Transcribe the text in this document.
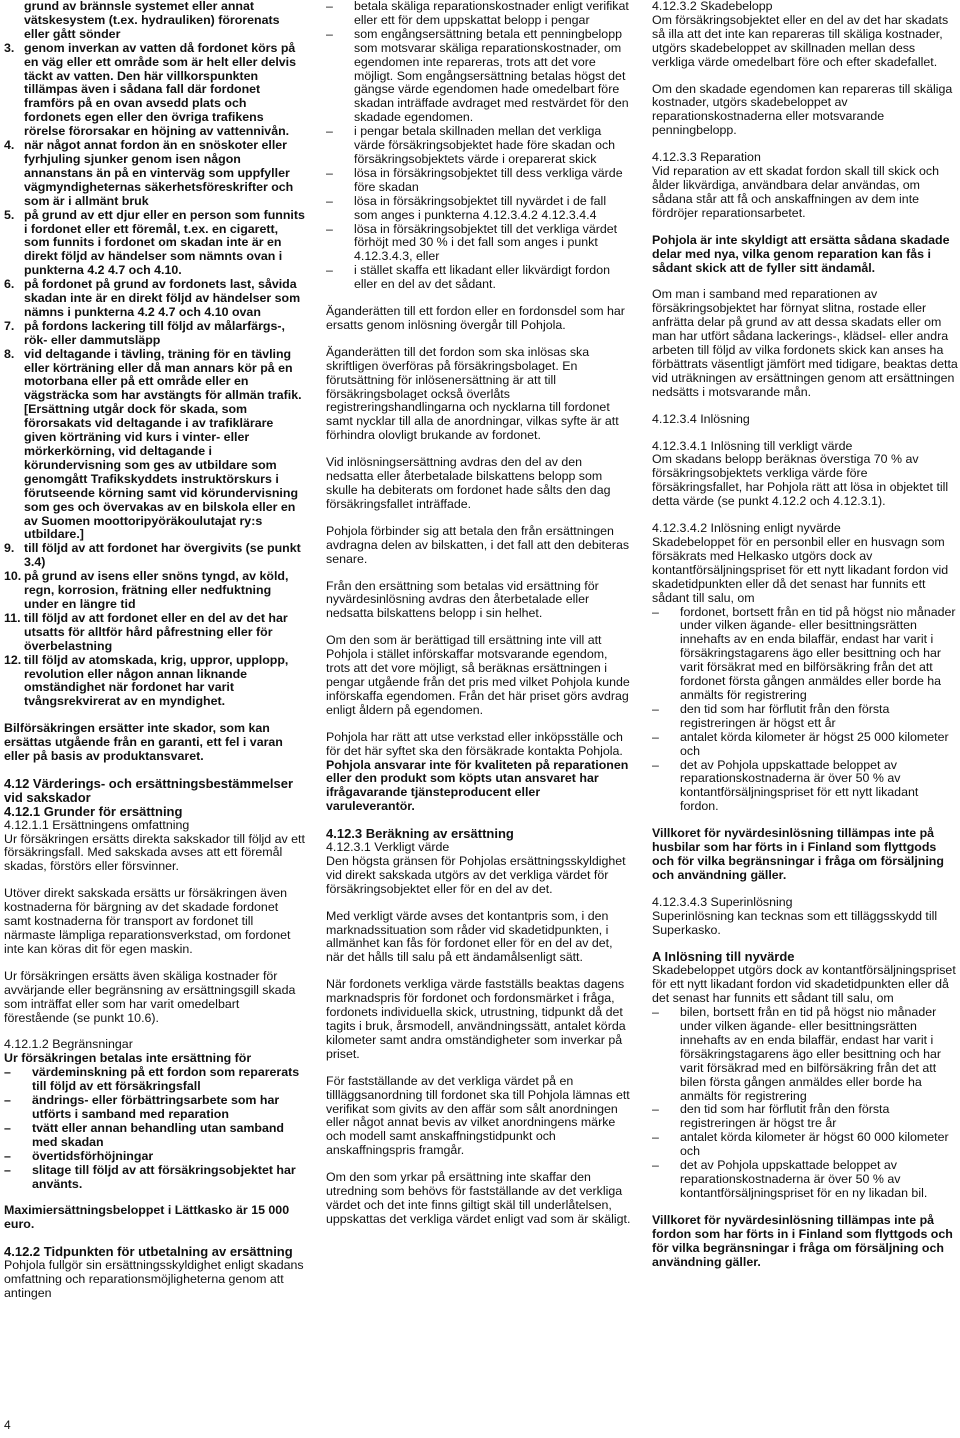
grund av brännsle systemet eller annat vätskesystem (t.ex. hydrauliken) förorenats eller gått sönder
3. genom inverkan av vatten då fordonet körs på en väg eller ett område som är helt eller delvis täckt av vatten. Den här villkorspunkten tillämpas även i sådana fall där fordonet framförs på en ovan avsedd plats och fordonets egen eller den övriga trafikens rörelse förorsakar en höjning av vattennivån.
4. när något annat fordon än en snöskoter eller fyrhjuling sjunker genom isen någon annanstans än på en vinterväg som uppfyller vägmyndigheternas säkerhetsföreskrifter och som är i allmänt bruk
5. på grund av ett djur eller en person som funnits i fordonet eller ett föremål, t.ex. en cigarett, som funnits i fordonet om skadan inte är en direkt följd av händelser som nämnts ovan i punkterna 4.2 4.7 och 4.10.
6. på fordonet på grund av fordonets last, såvida skadan inte är en direkt följd av händelser som nämns i punkterna 4.2 4.7 och 4.10 ovan
7. på fordons lackering till följd av målarfärgs-, rök- eller dammutsläpp
8. vid deltagande i tävling, träning för en tävling eller körträning eller då man annars kör på en motorbana eller på ett område eller en vägsträcka som har avstängts för allmän trafik. [Ersättning utgår dock för skada, som förorsakats vid deltagande i av trafiklärare given körträning vid kurs i vinter- eller mörkerkörning, vid deltagande i körundervisning som ges av utbildare som genomgått Trafikskyddets instruktörskurs i förutseende körning samt vid körundervisning som ges och övervakas av en bilskola eller en av Suomen moottoripyöräkoulutajat ry:s utbildare.]
9. till följd av att fordonet har övergivits (se punkt 3.4)
10. på grund av isens eller snöns tyngd, av köld, regn, korrosion, frätning eller nedfuktning under en längre tid
11. till följd av att fordonet eller en del av det har utsatts för alltför hård påfrestning eller för överbelastning
12. till följd av atomskada, krig, uppror, upplopp, revolution eller någon annan liknande omständighet när fordonet har varit tvångsrekvirerat av en myndighet.

Bilförsäkringen ersätter inte skador, som kan ersättas utgående från en garanti, ett fel i varan eller på basis av produktansvaret.

4.12 Värderings- och ersättningsbestämmelser vid sakskador

4.12.1 Grunder för ersättning

4.12.1.1 Ersättningens omfattning

Ur försäkringen ersätts direkta sakskador till följd av ett försäkringsfall. Med sakskada avses att ett föremål skadas, förstörs eller försvinner.

Utöver direkt sakskada ersätts ur försäkringen även kostnaderna för bärgning av det skadade fordonet samt kostnaderna för transport av fordonet till närmaste lämpliga reparationsverkstad, om fordonet inte kan köras dit för egen maskin.

Ur försäkringen ersätts även skäliga kostnader för avvärjande eller begränsning av ersättningsgill skada som inträffat eller som har varit omedelbart förestående (se punkt 10.6).

4.12.1.2 Begränsningar

Ur försäkringen betalas inte ersättning för

–	värdeminskning på ett fordon som reparerats till följd av ett försäkringsfall
–	ändrings- eller förbättringsarbete som har utförts i samband med reparation
–	tvätt eller annan behandling utan samband med skadan
–	övertidsförhöjningar
–	slitage till följd av att försäkringsobjektet har använts.

Maximiersättningsbeloppet i Lättkasko är 15 000 euro.

4.12.2 Tidpunkten för utbetalning av ersättning

Pohjola fullgör sin ersättningsskyldighet enligt skadans omfattning och reparationsmöjligheterna genom att antingen

–	betala skäliga reparationskostnader enligt verifikat eller ett för dem uppskattat belopp i pengar
–	som engångsersättning betala ett penningbelopp som motsvarar skäliga reparationskostnader, om egendomen inte repareras, trots att det vore möjligt. Som engångsersättning betalas högst det gängse värde egendomen hade omedelbart före skadan inträffade avdraget med restvärdet för den skadade egendomen.
–	i pengar betala skillnaden mellan det verkliga värde försäkringsobjektet hade före skadan och försäkringsobjektets värde i oreparerat skick
–	lösa in försäkringsobjektet till dess verkliga värde före skadan
–	lösa in försäkringsobjektet till nyvärdet i de fall som anges i punkterna 4.12.3.4.2 4.12.3.4.4
–	lösa in försäkringsobjektet till det verkliga värdet förhöjt med 30 % i det fall som anges i punkt 4.12.3.4.3, eller
–	i stället skaffa ett likadant eller likvärdigt fordon eller en del av det sådant.

Äganderätten till ett fordon eller en fordonsdel som har ersatts genom inlösning övergår till Pohjola.

Äganderätten till det fordon som ska inlösas ska skriftligen överföras på försäkringsbolaget. En förutsättning för inlösenersättning är att till försäkringsbolaget också överlåts registreringshandlingarna och nycklarna till fordonet samt nycklar till alla de anordningar, vilkas syfte är att förhindra olovligt brukande av fordonet.

Vid inlösningsersättning avdras den del av den nedsatta eller återbetalade bilskattens belopp som skulle ha debiterats om fordonet hade sålts den dag försäkringsfallet inträffade.

Pohjola förbinder sig att betala den från ersättningen avdragna delen av bilskatten, i det fall att den debiteras senare.

Från den ersättning som betalas vid ersättning för nyvärdesinlösning avdras den återbetalade eller nedsatta bilskattens belopp i sin helhet.

Om den som är berättigad till ersättning inte vill att Pohjola i stället införskaffar motsvarande egendom, trots att det vore möjligt, så beräknas ersättningen i pengar utgående från det pris med vilket Pohjola kunde införskaffa egendomen. Från det här priset görs avdrag enligt åldern på egendomen.

Pohjola har rätt att utse verkstad eller inköpsställe och för det här syftet ska den försäkrade kontakta Pohjola. Pohjola ansvarar inte för kvaliteten på reparationen eller den produkt som köpts utan ansvaret har ifrågavarande tjänsteproducent eller varuleverantör.

4.12.3 Beräkning av ersättning

4.12.3.1 Verkligt värde

Den högsta gränsen för Pohjolas ersättningsskyldighet vid direkt sakskada utgörs av det verkliga värdet för försäkringsobjektet eller för en del av det.

Med verkligt värde avses det kontantpris som, i den marknadssituation som råder vid skadetidpunkten, i allmänhet kan fås för fordonet eller för en del av det, när det hålls till salu på ett ändamålsenligt sätt.

När fordonets verkliga värde fastställs beaktas dagens marknadspris för fordonet och fordonsmärket i fråga, fordonets individuella skick, utrustning, tidpunkt då det tagits i bruk, årsmodell, användningssätt, antalet körda kilometer samt andra omständigheter som inverkar på priset.

För fastställande av det verkliga värdet på en tillläggsanordning till fordonet ska till Pohjola lämnas ett verifikat som givits av den affär som sålt anordningen eller något annat bevis av vilket anordningens märke och modell samt anskaffningstidpunkt och anskaffningspris framgår.

Om den som yrkar på ersättning inte skaffar den utredning som behövs för fastställande av det verkliga värdet och det inte finns giltigt skäl till underlåtelsen, uppskattas det verkliga värdet enligt vad som är skäligt.

4.12.3.2 Skadebelopp

Om försäkringsobjektet eller en del av det har skadats så illa att det inte kan repareras till skäliga kostnader, utgörs skadebeloppet av skillnaden mellan dess verkliga värde omedelbart före och efter skadefallet.

Om den skadade egendomen kan repareras till skäliga kostnader, utgörs skadebeloppet av reparationskostnaderna eller motsvarande penningbelopp.

4.12.3.3 Reparation

Vid reparation av ett skadat fordon skall till skick och ålder likvärdiga, användbara delar användas, om sådana står att få och anskaffningen av dem inte fördröjer reparationsarbetet.

Pohjola är inte skyldigt att ersätta sådana skadade delar med nya, vilka genom reparation kan fås i sådant skick att de fyller sitt ändamål.

Om man i samband med reparationen av försäkringsobjektet har förnyat slitna, rostade eller anfrätta delar på grund av att dessa skadats eller om man har utfört sådana lackerings-, klädsel- eller andra arbeten till följd av vilka fordonets skick kan anses ha förbättrats väsentligt jämfört med tidigare, beaktas detta vid uträkningen av ersättningen genom att ersättningen nedsätts i motsvarande mån.

4.12.3.4 Inlösning

4.12.3.4.1 Inlösning till verkligt värde

Om skadans belopp beräknas överstiga 70 % av försäkringsobjektets verkliga värde före försäkringsfallet, har Pohjola rätt att lösa in objektet till detta värde (se punkt 4.12.2 och 4.12.3.1).

4.12.3.4.2 Inlösning enligt nyvärde

Skadebeloppet för en personbil eller en husvagn som försäkrats med Helkasko utgörs dock av kontantförsäljningspriset för ett nytt likadant fordon vid skadetidpunkten eller då det senast har funnits ett sådant till salu, om

–	fordonet, bortsett från en tid på högst nio månader under vilken ägande- eller besittningsrätten innehafts av en enda bilaffär, endast har varit i försäkringstagarens ägo eller besittning och har varit försäkrat med en bilförsäkring från det att fordonet första gången anmäldes eller borde ha anmälts för registrering
–	den tid som har förflutit från den första registreringen är högst ett år
–	antalet körda kilometer är högst 25 000 kilometer och
–	det av Pohjola uppskattade beloppet av reparationskostnaderna är över 50 % av kontantförsäljningspriset för ett nytt likadant fordon.

Villkoret för nyvärdesinlösning tillämpas inte på husbilar som har förts in i Finland som flyttgods och för vilka begränsningar i fråga om försäljning och användning gäller.

4.12.3.4.3 Superinlösning

Superinlösning kan tecknas som ett tilläggsskydd till Superkasko.

A Inlösning till nyvärde

Skadebeloppet utgörs dock av kontantförsäljningspriset för ett nytt likadant fordon vid skadetidpunkten eller då det senast har funnits ett sådant till salu, om

–	bilen, bortsett från en tid på högst nio månader under vilken ägande- eller besittningsrätten innehafts av en enda bilaffär, endast har varit i försäkringstagarens ägo eller besittning och har varit försäkrad med en bilförsäkring från det att bilen första gången anmäldes eller borde ha anmälts för registrering
–	den tid som har förflutit från den första registreringen är högst tre år
–	antalet körda kilometer är högst 60 000 kilometer och
–	det av Pohjola uppskattade beloppet av reparationskostnaderna är över 50 % av kontantförsäljningspriset för en ny likadan bil.

Villkoret för nyvärdesinlösning tillämpas inte på fordon som har förts in i Finland som flyttgods och för vilka begränsningar i fråga om försäljning och användning gäller.

4
